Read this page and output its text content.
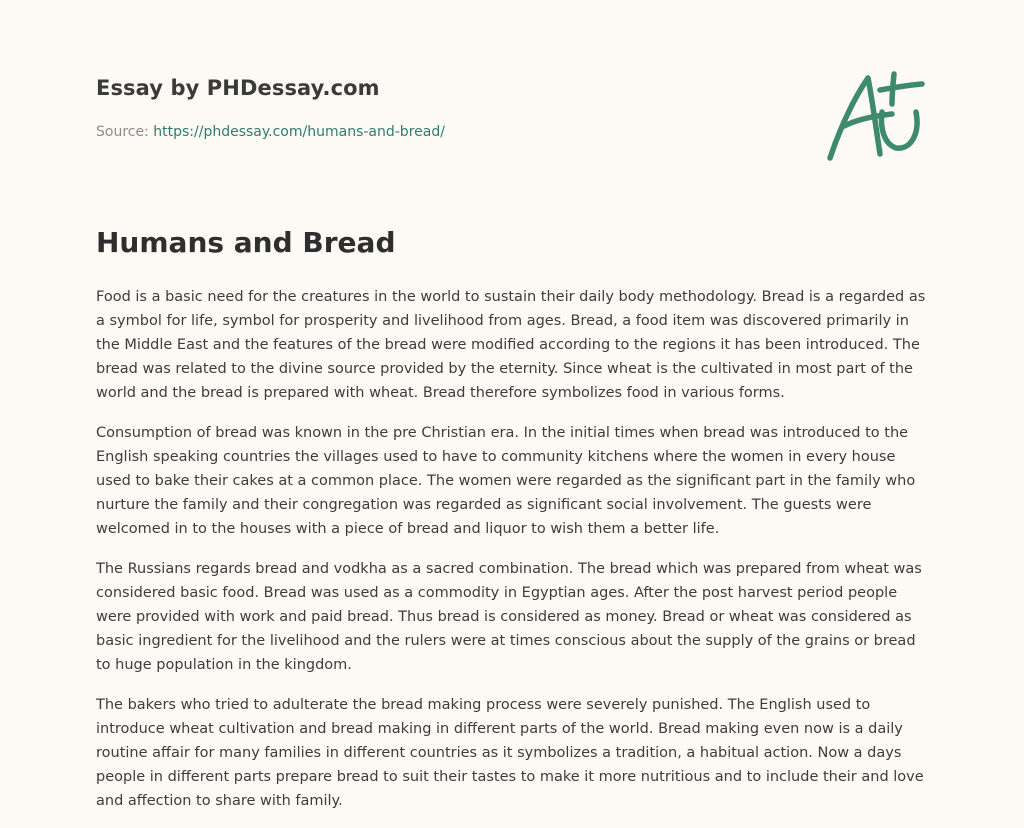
Essay by PHDessay.com
Source: https://phdessay.com/humans-and-bread/
Humans and Bread

Food is a basic need for the creatures in the world to sustain their daily body methodology. Bread is a regarded as a symbol for life, symbol for prosperity and livelihood from ages. Bread, a food item was discovered primarily in the Middle East and the features of the bread were modified according to the regions it has been introduced. The bread was related to the divine source provided by the eternity. Since wheat is the cultivated in most part of the world and the bread is prepared with wheat. Bread therefore symbolizes food in various forms.

Consumption of bread was known in the pre Christian era. In the initial times when bread was introduced to the English speaking countries the villages used to have to community kitchens where the women in every house used to bake their cakes at a common place. The women were regarded as the significant part in the family who nurture the family and their congregation was regarded as significant social involvement. The guests were welcomed in to the houses with a piece of bread and liquor to wish them a better life.

The Russians regards bread and vodkha as a sacred combination. The bread which was prepared from wheat was considered basic food. Bread was used as a commodity in Egyptian ages. After the post harvest period people were provided with work and paid bread. Thus bread is considered as money. Bread or wheat was considered as basic ingredient for the livelihood and the rulers were at times conscious about the supply of the grains or bread to huge population in the kingdom.

The bakers who tried to adulterate the bread making process were severely punished. The English used to introduce wheat cultivation and bread making in different parts of the world. Bread making even now is a daily routine affair for many families in different countries as it symbolizes a tradition, a habitual action. Now a days people in different parts prepare bread to suit their tastes to make it more nutritious and to include their and love and affection to share with family.
